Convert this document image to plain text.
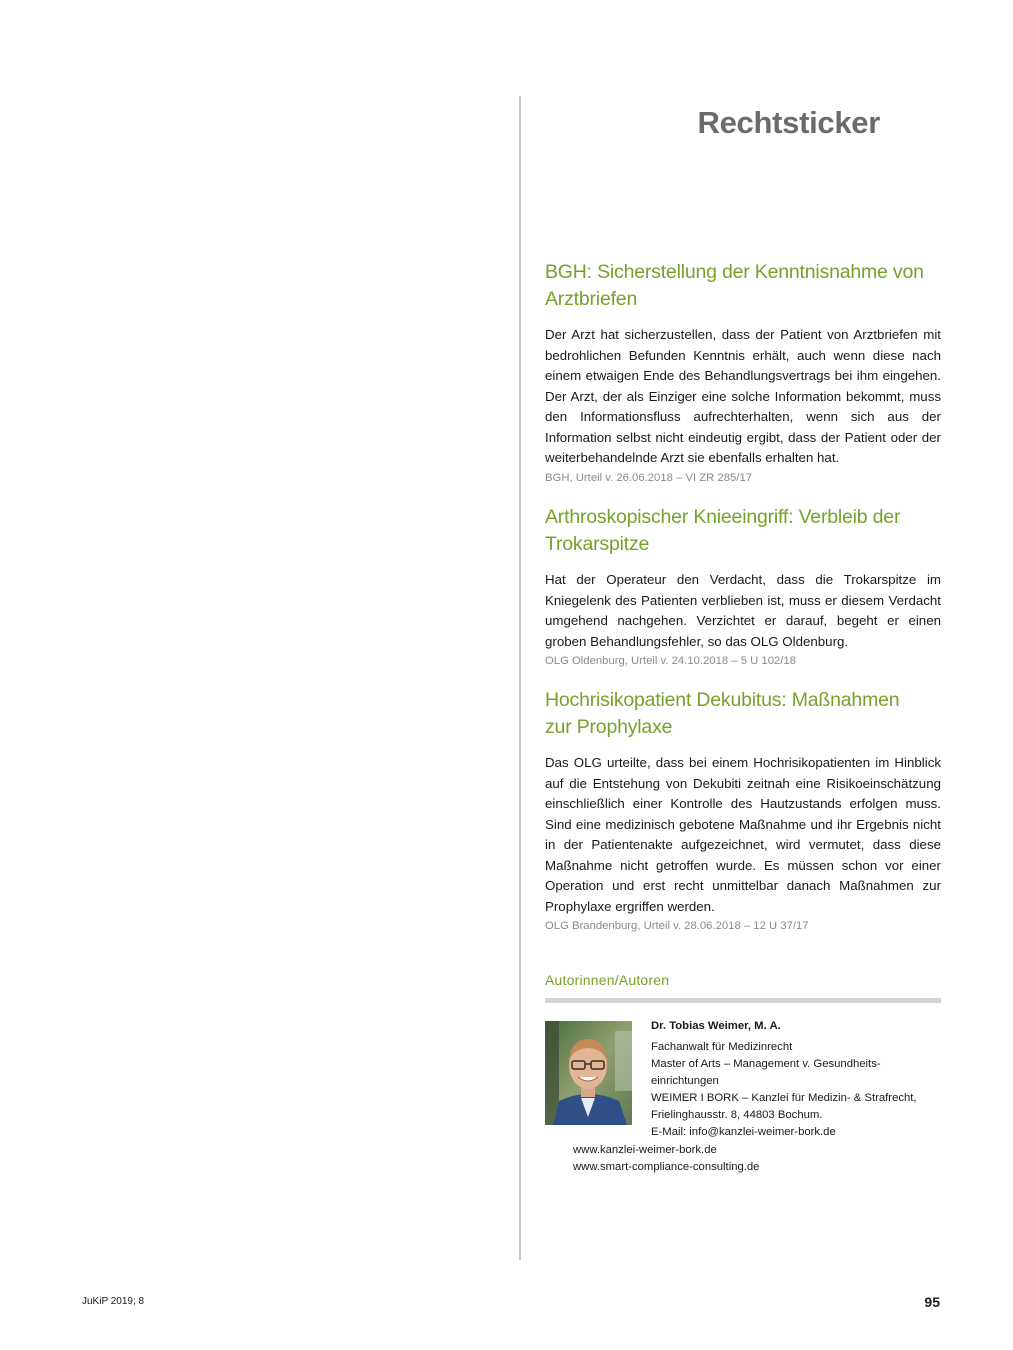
Rechtsticker
BGH: Sicherstellung der Kenntnisnahme von
Arztbriefen

Der Arzt hat sicherzustellen, dass der Patient von Arztbriefen mit bedrohlichen Befunden Kenntnis erhält, auch wenn diese nach einem etwaigen Ende des Behandlungsvertrags bei ihm eingehen. Der Arzt, der als Einziger eine solche Information bekommt, muss den Informationsfluss aufrechterhalten, wenn sich aus der Information selbst nicht eindeutig ergibt, dass der Patient oder der weiterbehandelnde Arzt sie ebenfalls erhalten hat.

BGH, Urteil v. 26.06.2018 – VI ZR 285/17
Arthroskopischer Knieeingriff: Verbleib der
Trokarspitze

Hat der Operateur den Verdacht, dass die Trokarspitze im Kniegelenk des Patienten verblieben ist, muss er diesem Verdacht umgehend nachgehen. Verzichtet er darauf, begeht er einen groben Behandlungsfehler, so das OLG Oldenburg.

OLG Oldenburg, Urteil v. 24.10.2018 – 5 U 102/18
Hochrisikopatient Dekubitus: Maßnahmen
zur Prophylaxe

Das OLG urteilte, dass bei einem Hochrisikopatienten im Hinblick auf die Entstehung von Dekubiti zeitnah eine Risikoeinschätzung einschließlich einer Kontrolle des Hautzustands erfolgen muss. Sind eine medizinisch gebotene Maßnahme und ihr Ergebnis nicht in der Patientenakte aufgezeichnet, wird vermutet, dass diese Maßnahme nicht getroffen wurde. Es müssen schon vor einer Operation und erst recht unmittelbar danach Maßnahmen zur Prophylaxe ergriffen werden.

OLG Brandenburg, Urteil v. 28.06.2018 – 12 U 37/17
Autorinnen/Autoren
Dr. Tobias Weimer, M. A.
Fachanwalt für Medizinrecht
Master of Arts – Management v. Gesundheits-
einrichtungen
WEIMER I BORK – Kanzlei für Medizin- & Strafrecht,
Frielinghausstr. 8, 44803 Bochum.
E-Mail: info@kanzlei-weimer-bork.de
www.kanzlei-weimer-bork.de
www.smart-compliance-consulting.de
JuKiP 2019; 8	95
